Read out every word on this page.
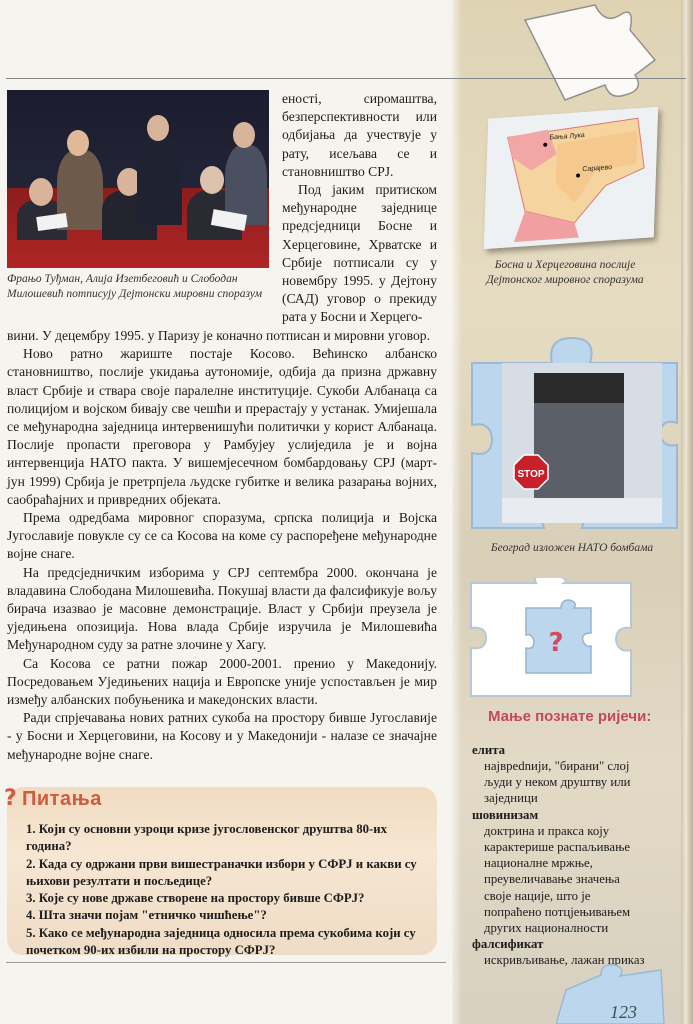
Фрањо Туђман, Алија Изетбеговић и Слободан Милошевић потписују Дејтонски мировни споразум

еностi, сиромаштва, безперспективности или одбијања да учествује у рату, исељава се и становништво СРЈ.

Под јаким притиском међународне заједнице предсједници Босне и Херцеговине, Хрватске и Србије потписали су у новембру 1995. у Дејтону (САД) уговор о прекиду рата у Босни и Херцего-

вини. У децембру 1995. у Паризу је коначно потписан и мировни уговор.

Ново ратно жариште постаје Косово. Већинско албанско становништво, послије укидања аутономије, одбија да призна државну власт Србије и ствара своје паралелне институције. Сукоби Албанаца са полицијом и војском бивају све чешћи и прерастају у устанак. Умијешала се међународна заједница интервенишући политички у корист Албанаца. Послије пропасти преговора у Рамбујеу услиједила је и војна интервенција НАТО пакта. У вишемјесечном бомбардовању СРЈ (март-јун 1999) Србија је претрпјела људске губитке и велика разарања војних, саобраћајних и привредних објеката.

Према одредбама мировног споразума, српска полиција и Војска Југославије повукле су се са Косова на коме су распоређене међународне војне снаге.

На предсједничким изборима у СРЈ септембра 2000. окончана је владавина Слободана Милошевића. Покушај власти да фалсификује вољу бирача изазвао је масовне демонстрације. Власт у Србији преузела је уједињена опозиција. Нова влада Србије изручила је Милошевића Међународном суду за ратне злочине у Хагу.

Са Косова се ратни пожар 2000-2001. пренио у Македонију. Посредовањем Уједињених нација и Европске уније успостављен је мир између албанских побуњеника и македонских власти.

Ради спрјечавања нових ратних сукоба на простору бивше Југославије - у Босни и Херцеговини, на Косову и у Македонији - налазе се значајне међународне војне снаге.

? Питања
1. Који су основни узроци кризе југословенског друштва 80-их година?
2. Када су одржани први вишестраначки избори у СФРЈ и какви су њихови резултати и посљедице?
3. Које су нове државе створене на простору бивше СФРЈ?
4. Шта значи појам "етничко чишћење"?
5. Како се међународна заједница односила према сукобима који су почетком 90-их избили на простору СФРЈ?
Бања Лука
Сарајево
Босна и Херцеговина послије Дејтонског мировног споразума
STOP
Београд изложен НАТО бомбама
?
Мање познате ријечи:
елита
најврednији, "бирани" слој људи у неком друштву или заједници
шовинизам
доктрина и пракса коју карактерише распаљивање националне мржње, преувеличавање значења своје нације, што је попраћено потцјењивањем других националности
фалсификат
искривљивање, лажан приказ
123
